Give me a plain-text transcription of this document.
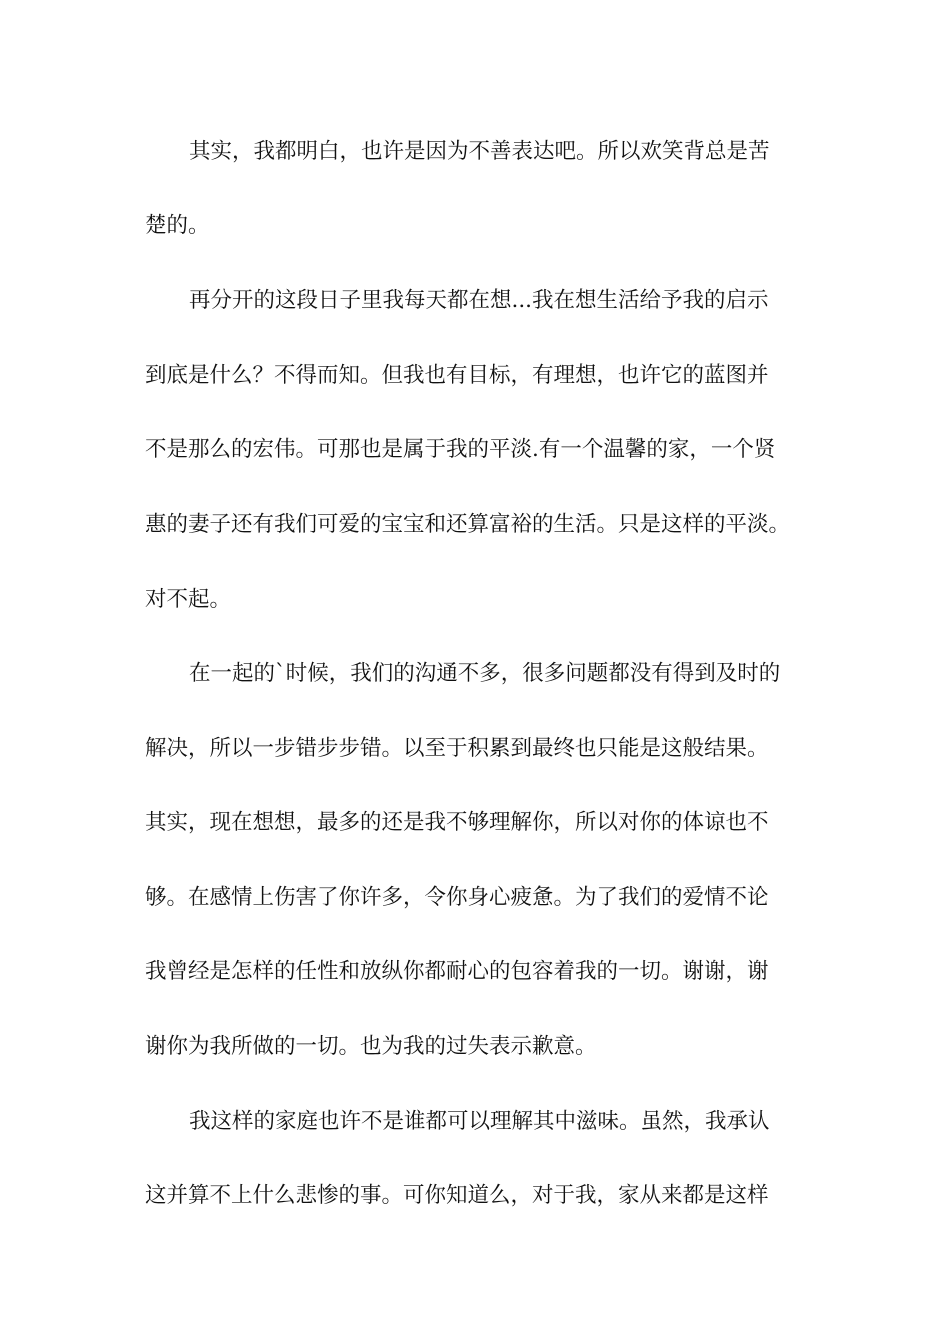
其实，我都明白，也许是因为不善表达吧。所以欢笑背总是苦

楚的。

再分开的这段日子里我每天都在想...我在想生活给予我的启示

到底是什么？不得而知。但我也有目标，有理想，也许它的蓝图并

不是那么的宏伟。可那也是属于我的平淡.有一个温馨的家，一个贤

惠的妻子还有我们可爱的宝宝和还算富裕的生活。只是这样的平淡。

对不起。

在一起的`时候，我们的沟通不多，很多问题都没有得到及时的

解决，所以一步错步步错。以至于积累到最终也只能是这般结果。

其实，现在想想，最多的还是我不够理解你，所以对你的体谅也不

够。在感情上伤害了你许多，令你身心疲惫。为了我们的爱情不论

我曾经是怎样的任性和放纵你都耐心的包容着我的一切。谢谢，谢

谢你为我所做的一切。也为我的过失表示歉意。

我这样的家庭也许不是谁都可以理解其中滋味。虽然，我承认

这并算不上什么悲惨的事。可你知道么，对于我，家从来都是这样
